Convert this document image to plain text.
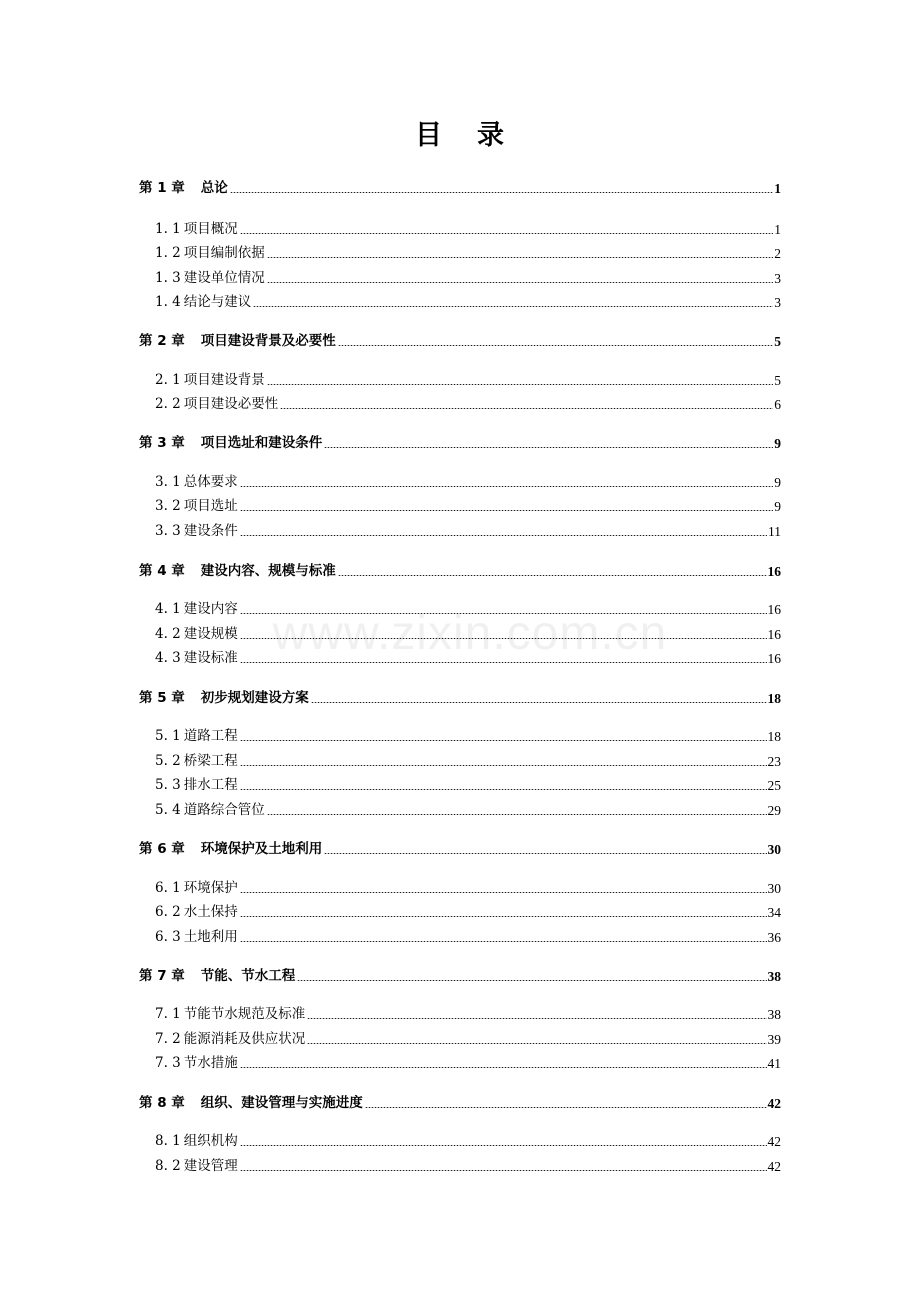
目 录
www.zixin.com.cn
第 1 章 总论	1
1. 1 项目概况	1
1. 2 项目编制依据	2
1. 3 建设单位情况	3
1. 4 结论与建议	3
第 2 章 项目建设背景及必要性	5
2. 1 项目建设背景	5
2. 2 项目建设必要性	6
第 3 章 项目选址和建设条件	9
3. 1 总体要求	9
3. 2 项目选址	9
3. 3 建设条件	11
第 4 章 建设内容、规模与标准	16
4. 1 建设内容	16
4. 2 建设规模	16
4. 3 建设标准	16
第 5 章 初步规划建设方案	18
5. 1 道路工程	18
5. 2 桥梁工程	23
5. 3 排水工程	25
5. 4 道路综合管位	29
第 6 章 环境保护及土地利用	30
6. 1 环境保护	30
6. 2 水土保持	34
6. 3 土地利用	36
第 7 章 节能、节水工程	38
7. 1 节能节水规范及标准	38
7. 2 能源消耗及供应状况	39
7. 3 节水措施	41
第 8 章 组织、建设管理与实施进度	42
8. 1 组织机构	42
8. 2 建设管理	42
